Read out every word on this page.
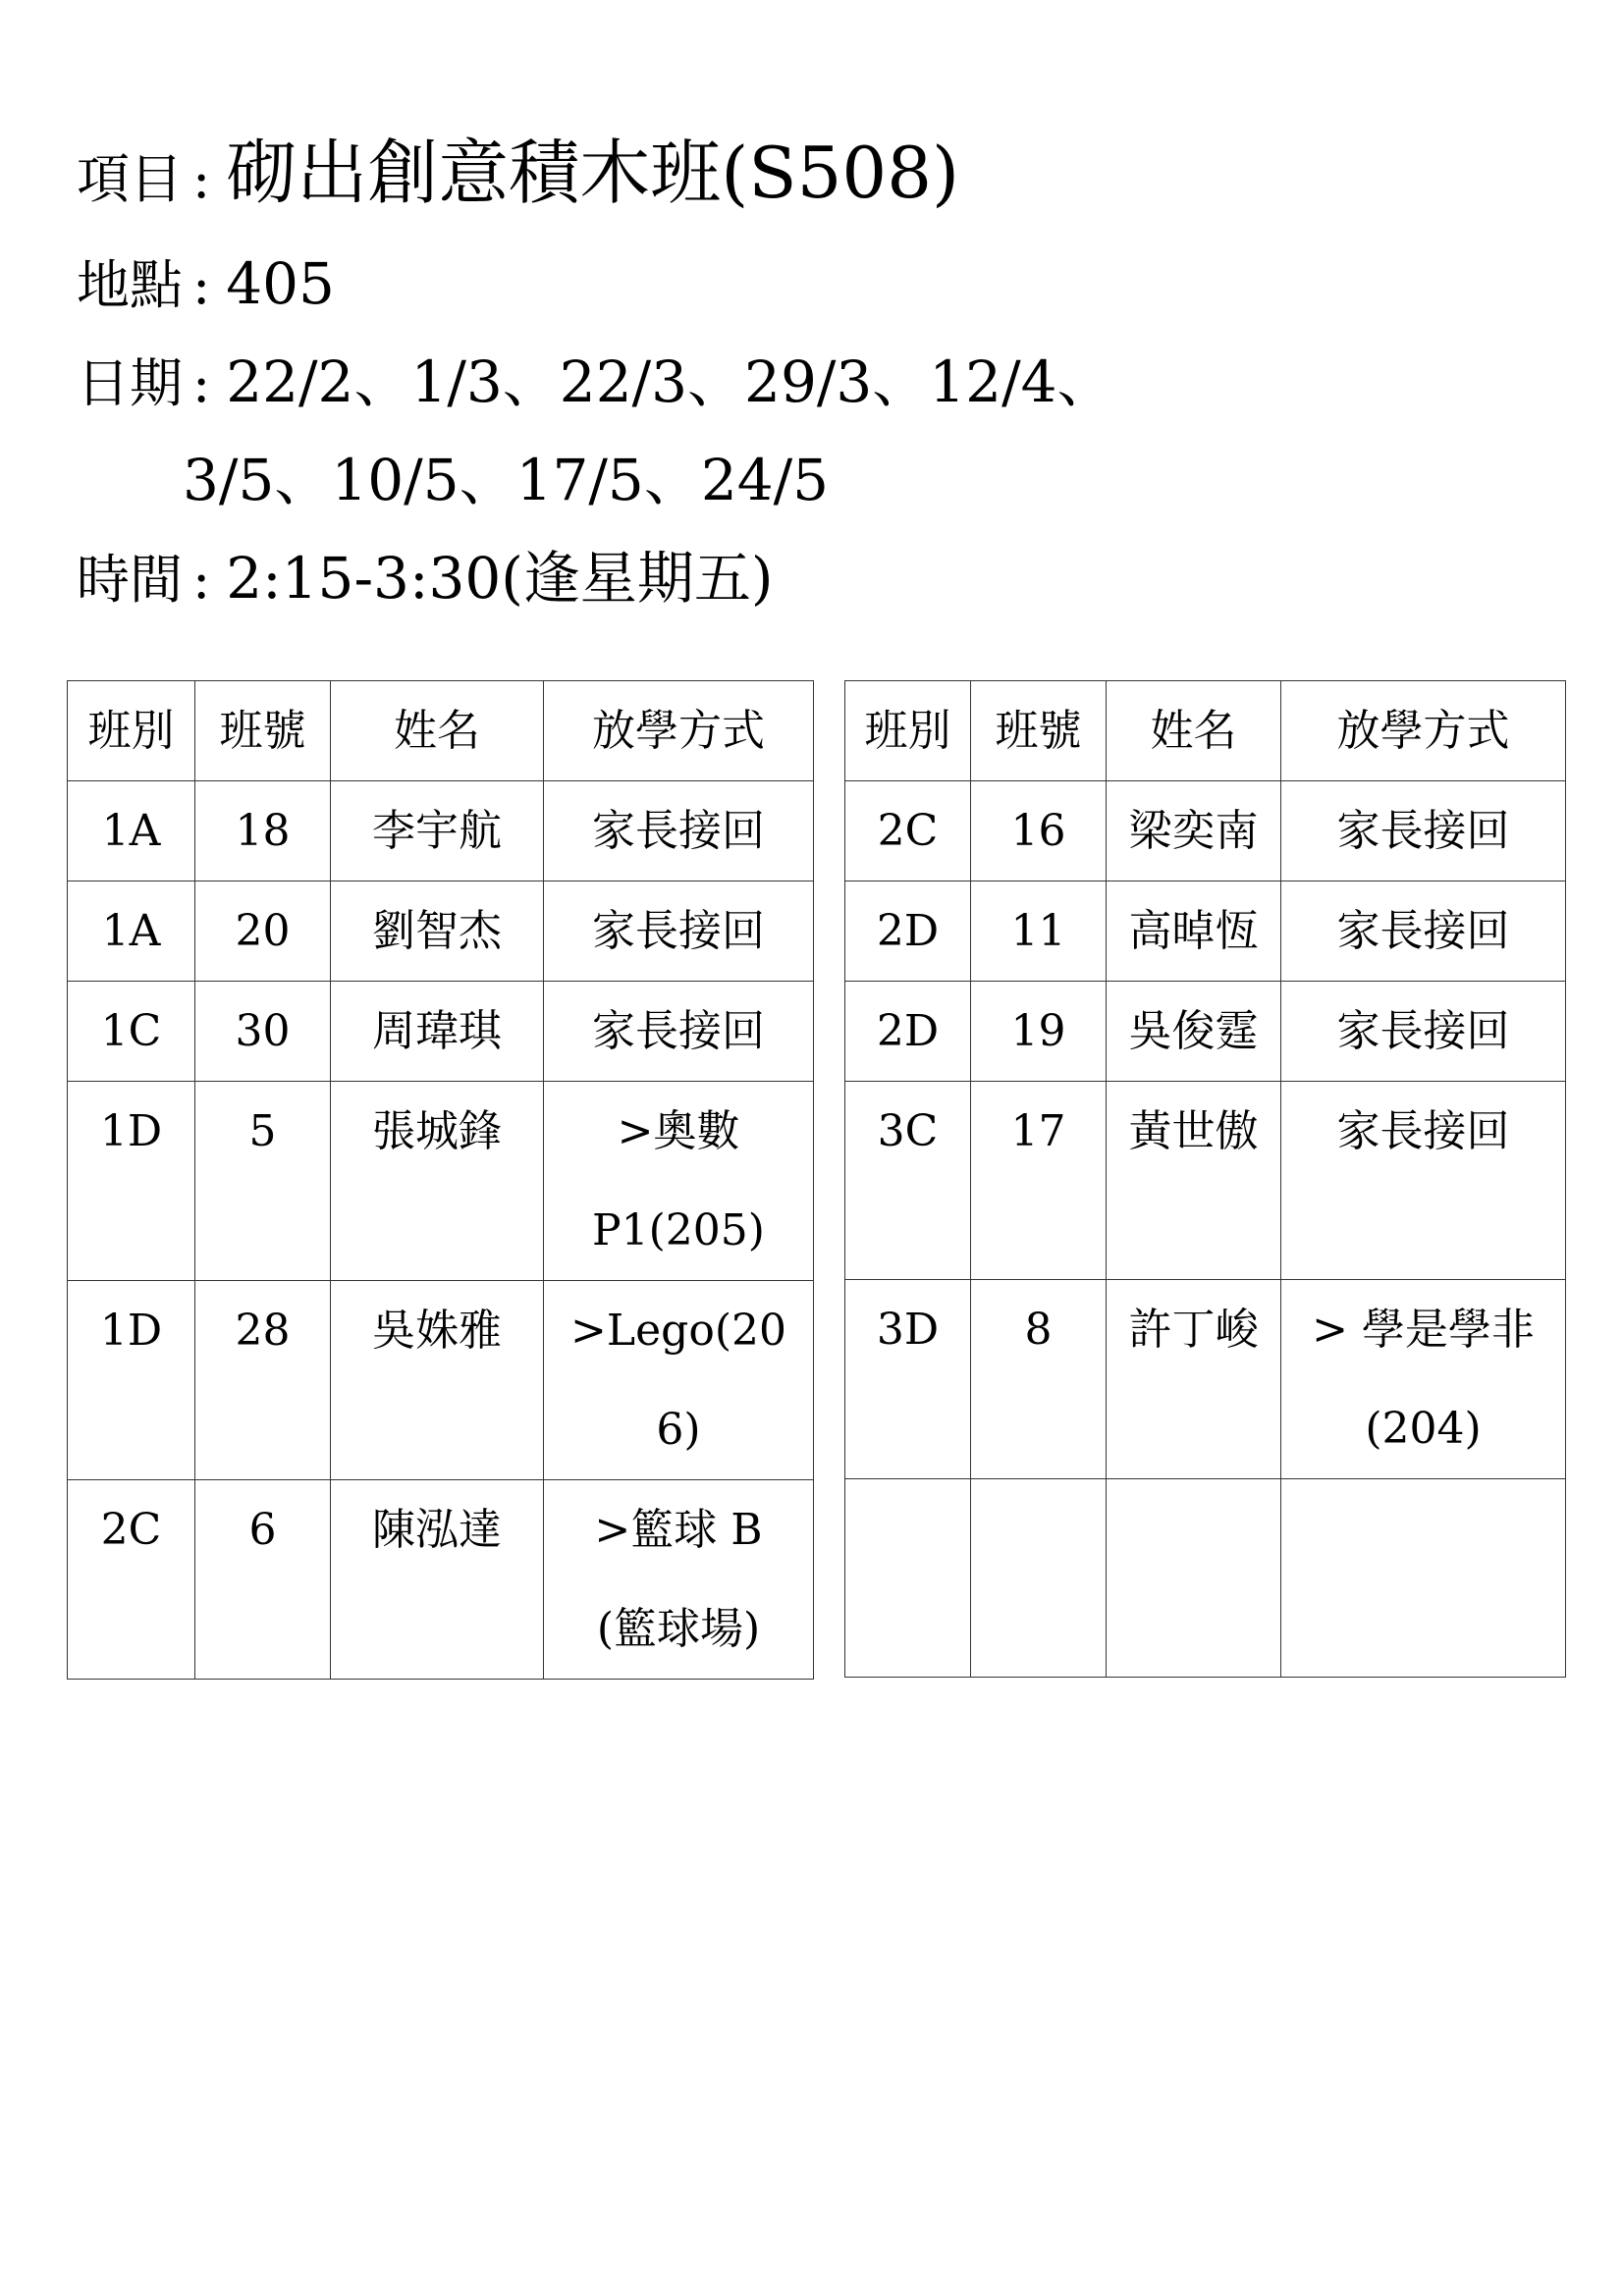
項目 : 砌出創意積木班(S508)
地點 : 405
日期 : 22/2、1/3、22/3、29/3、12/4、
3/5、10/5、17/5、24/5
時間 : 2:15-3:30(逢星期五)
班別	班號	姓名	放學方式
1A	18	李宇航	家長接回
1A	20	劉智杰	家長接回
1C	30	周瑋琪	家長接回
1D	5	張城鋒	>奧數
P1(205)

1D	28	吳姝雅	>Lego(20
6)

2C	6	陳泓達	>籃球 B
(籃球場)
班別	班號	姓名	放學方式
2C	16	梁奕南	家長接回
2D	11	高晫恆	家長接回
2D	19	吳俊霆	家長接回
3C	17	黃世傲	家長接回
3D	8	許丁峻	> 學是學非
(204)
